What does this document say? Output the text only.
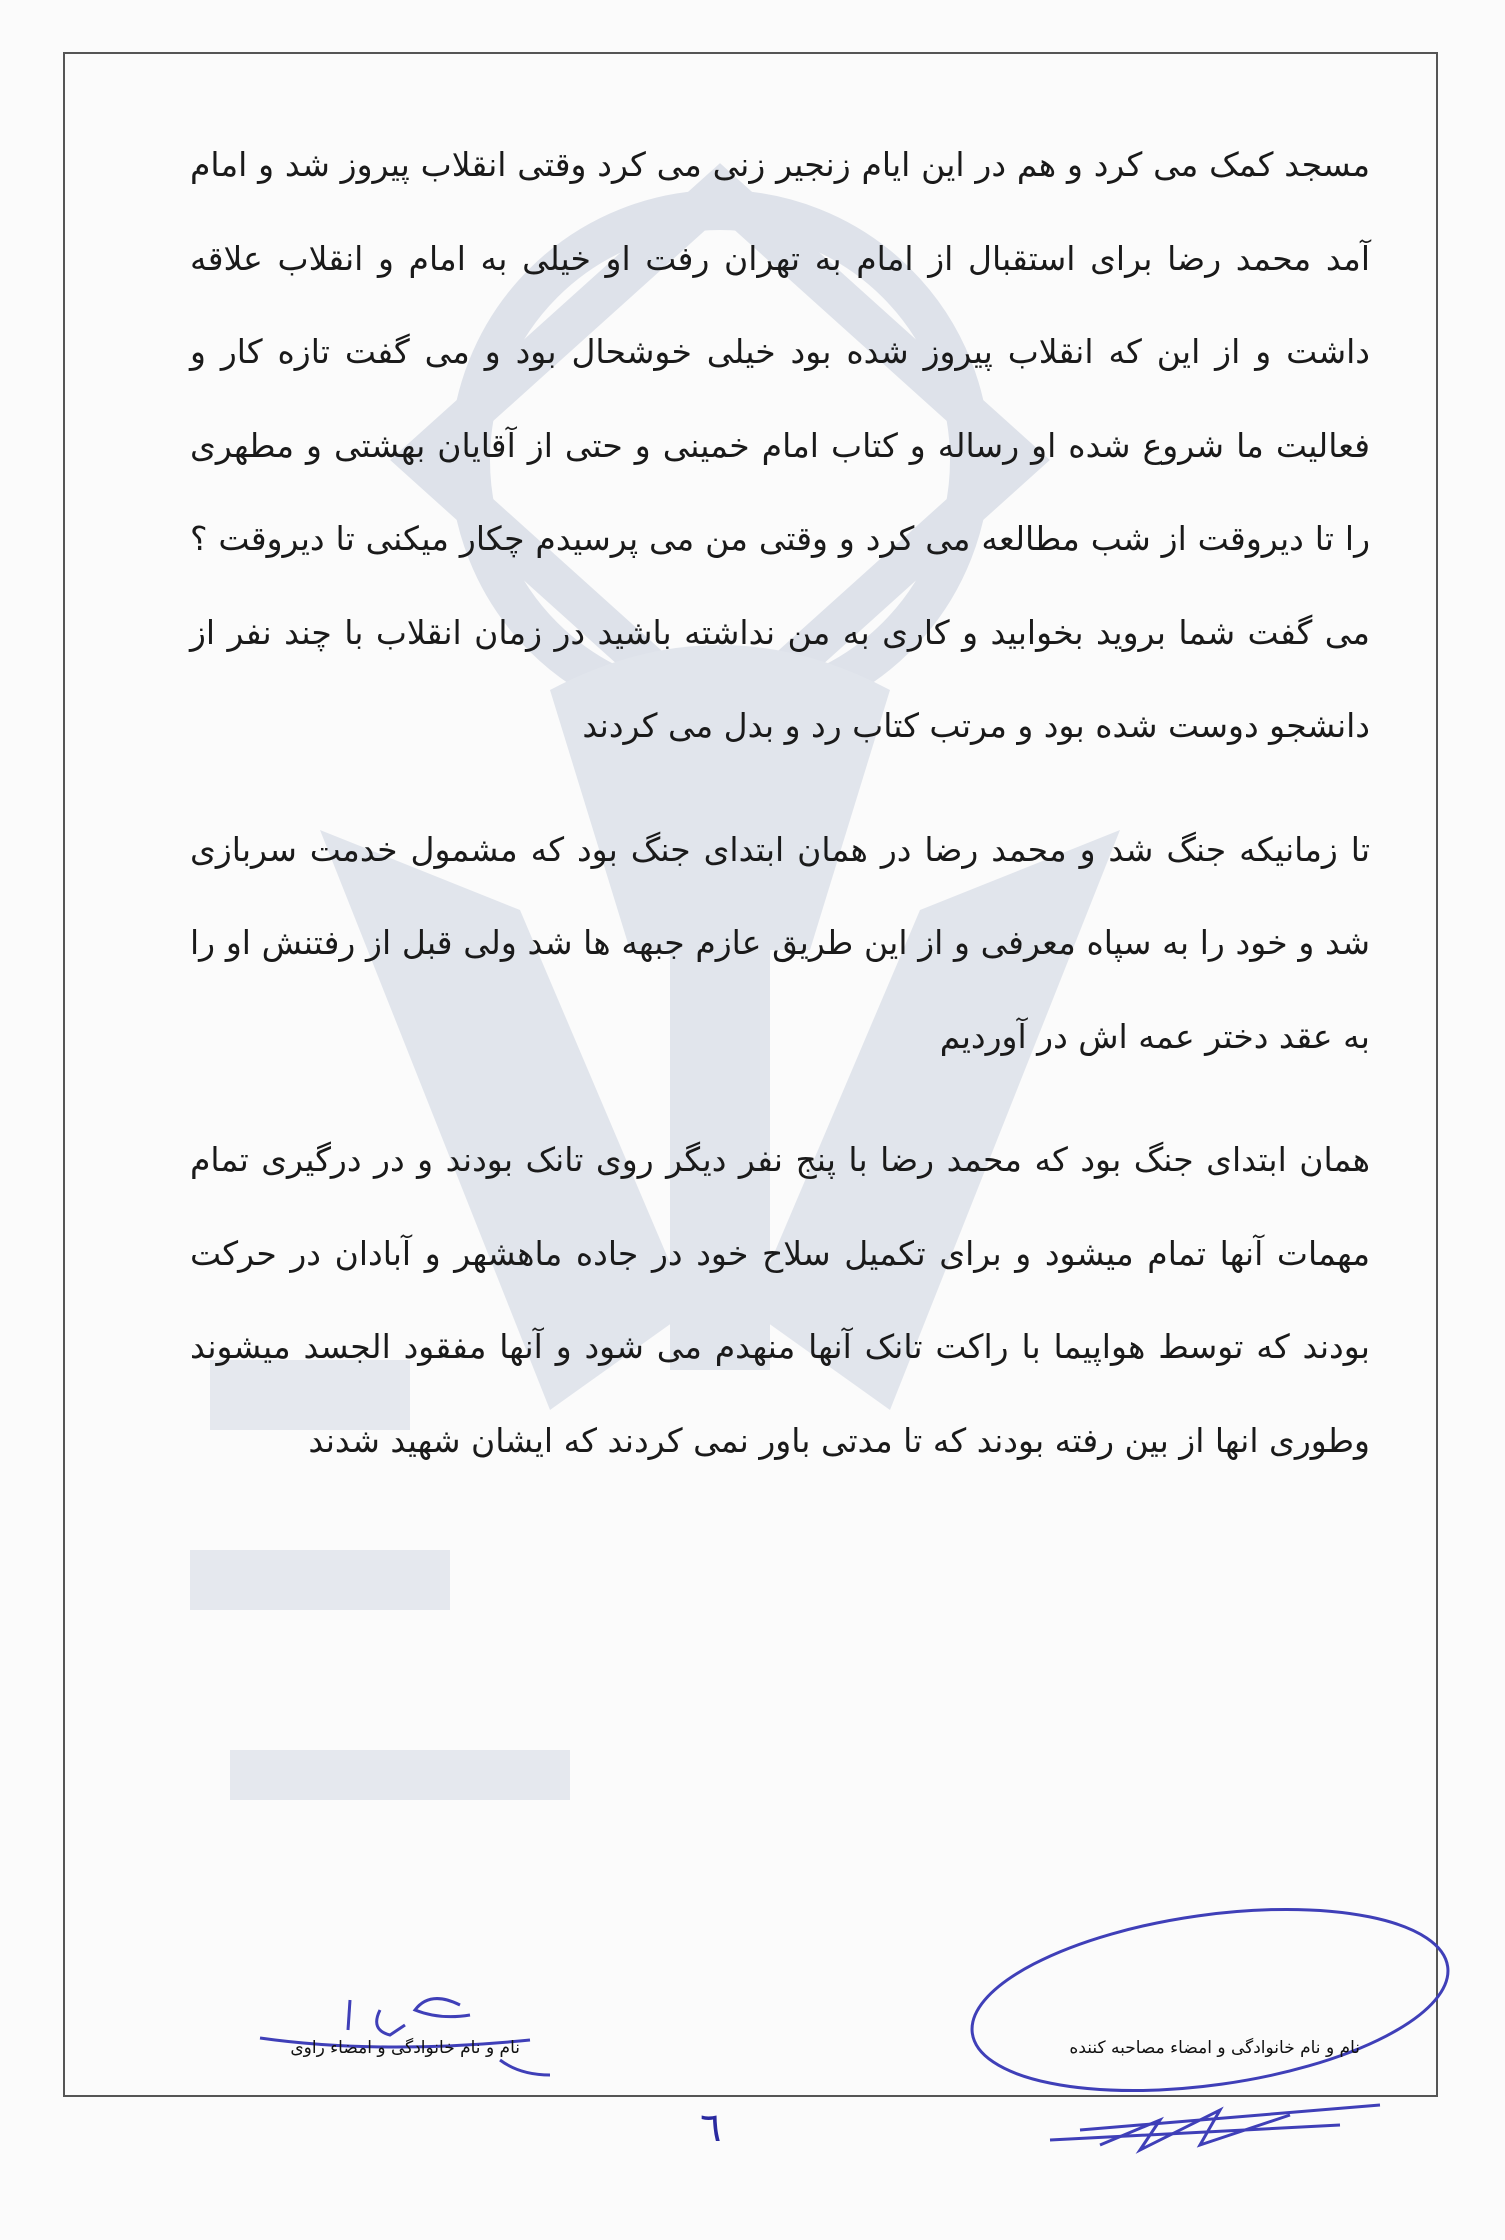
مسجد کمک می کرد و هم در این ایام زنجیر زنی می کرد وقتی انقلاب پیروز شد و امام آمد محمد رضا برای استقبال از امام به تهران رفت او خیلی به امام و انقلاب علاقه داشت و از این که انقلاب پیروز شده بود خیلی خوشحال بود و می گفت تازه کار و فعالیت ما شروع شده او رساله و کتاب امام خمینی و حتی از آقایان بهشتی و مطهری را تا دیروقت از شب مطالعه می کرد و وقتی من می پرسیدم چکار میکنی تا دیروقت ؟ می گفت شما بروید بخوابید و کاری به من نداشته باشید در زمان انقلاب با چند نفر از دانشجو دوست شده بود و مرتب کتاب رد و بدل می کردند

تا زمانیکه جنگ شد و محمد رضا در همان ابتدای جنگ بود که مشمول خدمت سربازی شد و خود را به سپاه معرفی و از این طریق عازم جبهه ها شد ولی قبل از رفتنش او را به عقد دختر عمه اش در آوردیم

همان ابتدای جنگ بود که محمد رضا با پنج نفر دیگر روی تانک بودند و در درگیری تمام مهمات آنها تمام میشود و برای تکمیل سلاح خود در جاده ماهشهر و آبادان در حرکت بودند که توسط هواپیما با راکت تانک آنها منهدم می شود و آنها مفقود الجسد میشوند وطوری انها از بین رفته بودند که تا مدتی باور نمی کردند که ایشان شهید شدند

نام و نام خانوادگی و امضاء مصاحبه کننده
نام و نام خانوادگی و امضاء راوی
٦
